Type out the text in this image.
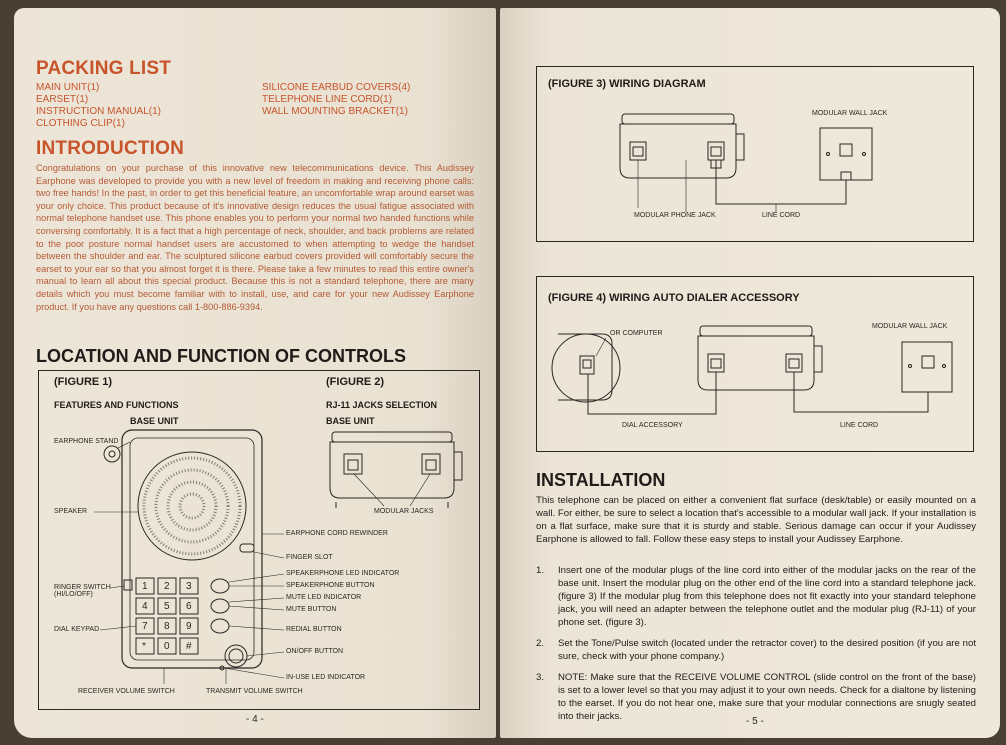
PACKING LIST
MAIN UNIT(1)
EARSET(1)
INSTRUCTION MANUAL(1)
CLOTHING CLIP(1)
SILICONE EARBUD COVERS(4)
TELEPHONE LINE CORD(1)
WALL MOUNTING BRACKET(1)
INTRODUCTION
Congratulations on your purchase of this innovative new telecommunications device. This Audissey Earphone was developed to provide you with a new level of freedom in making and receiving phone calls: two free hands! In the past, in order to get this beneficial feature, an uncomfortable wrap around earset was your only choice. This product because of it's innovative design reduces the usual fatigue associated with normal telephone handset use. This phone enables you to perform your normal two handed functions while conversing comfortably. It is a fact that a high percentage of neck, shoulder, and back problems are related to the poor posture normal handset users are accustomed to when attempting to wedge the handset between the shoulder and ear. The sculptured silicone earbud covers provided will comfortably secure the earset to your ear so that you almost forget it is there. Please take a few minutes to read this entire owner's manual to learn all about this special product. Because this is not a standard telephone, there are many details which you must become familiar with to install, use, and care for your new Audissey Earphone product. If you have any questions call 1-800-886-9394.
LOCATION AND FUNCTION OF CONTROLS
(FIGURE 1)
FEATURES AND FUNCTIONS
BASE UNIT
(FIGURE 2)
RJ-11 JACKS SELECTION
BASE UNIT
1 2 3
4 5 6
7 8 9
* 0 #
EARPHONE STAND
SPEAKER
RINGER SWITCH (HI/LO/OFF)
DIAL KEYPAD
EARPHONE CORD REWINDER
FINGER SLOT
SPEAKERPHONE LED INDICATOR
SPEAKERPHONE BUTTON
MUTE LED INDICATOR
MUTE BUTTON
REDIAL BUTTON
ON/OFF BUTTON
IN-USE LED INDICATOR
RECEIVER VOLUME SWITCH	TRANSMIT VOLUME SWITCH
MODULAR JACKS
- 4 -
(FIGURE 3) WIRING DIAGRAM
MODULAR WALL JACK
MODULAR PHONE JACK	LINE CORD
(FIGURE 4) WIRING AUTO DIALER ACCESSORY
OR COMPUTER
MODULAR WALL JACK
DIAL ACCESSORY	LINE CORD
INSTALLATION
This telephone can be placed on either a convenient flat surface (desk/table) or easily mounted on a wall. For either, be sure to select a location that's accessible to a modular wall jack. If your installation is on a flat surface, make sure that it is sturdy and stable. Serious damage can occur if your Audissey Earphone is allowed to fall. Follow these easy steps to install your Audissey Earphone.
1.	Insert one of the modular plugs of the line cord into either of the modular jacks on the rear of the base unit. Insert the modular plug on the other end of the line cord into a standard telephone jack. (figure 3) If the modular plug from this telephone does not fit exactly into your standard telephone jack, you will need an adapter between the telephone outlet and the modular plug (RJ-11) of your phone set. (figure 3).
2.	Set the Tone/Pulse switch (located under the retractor cover) to the desired position (if you are not sure, check with your phone company.)
3.	NOTE: Make sure that the RECEIVE VOLUME CONTROL (slide control on the front of the base) is set to a lower level so that you may adjust it to your own needs. Check for a dialtone by listening to the earset. If you do not hear one, make sure that your modular connections are snugly seated into their jacks.	- 5 -
